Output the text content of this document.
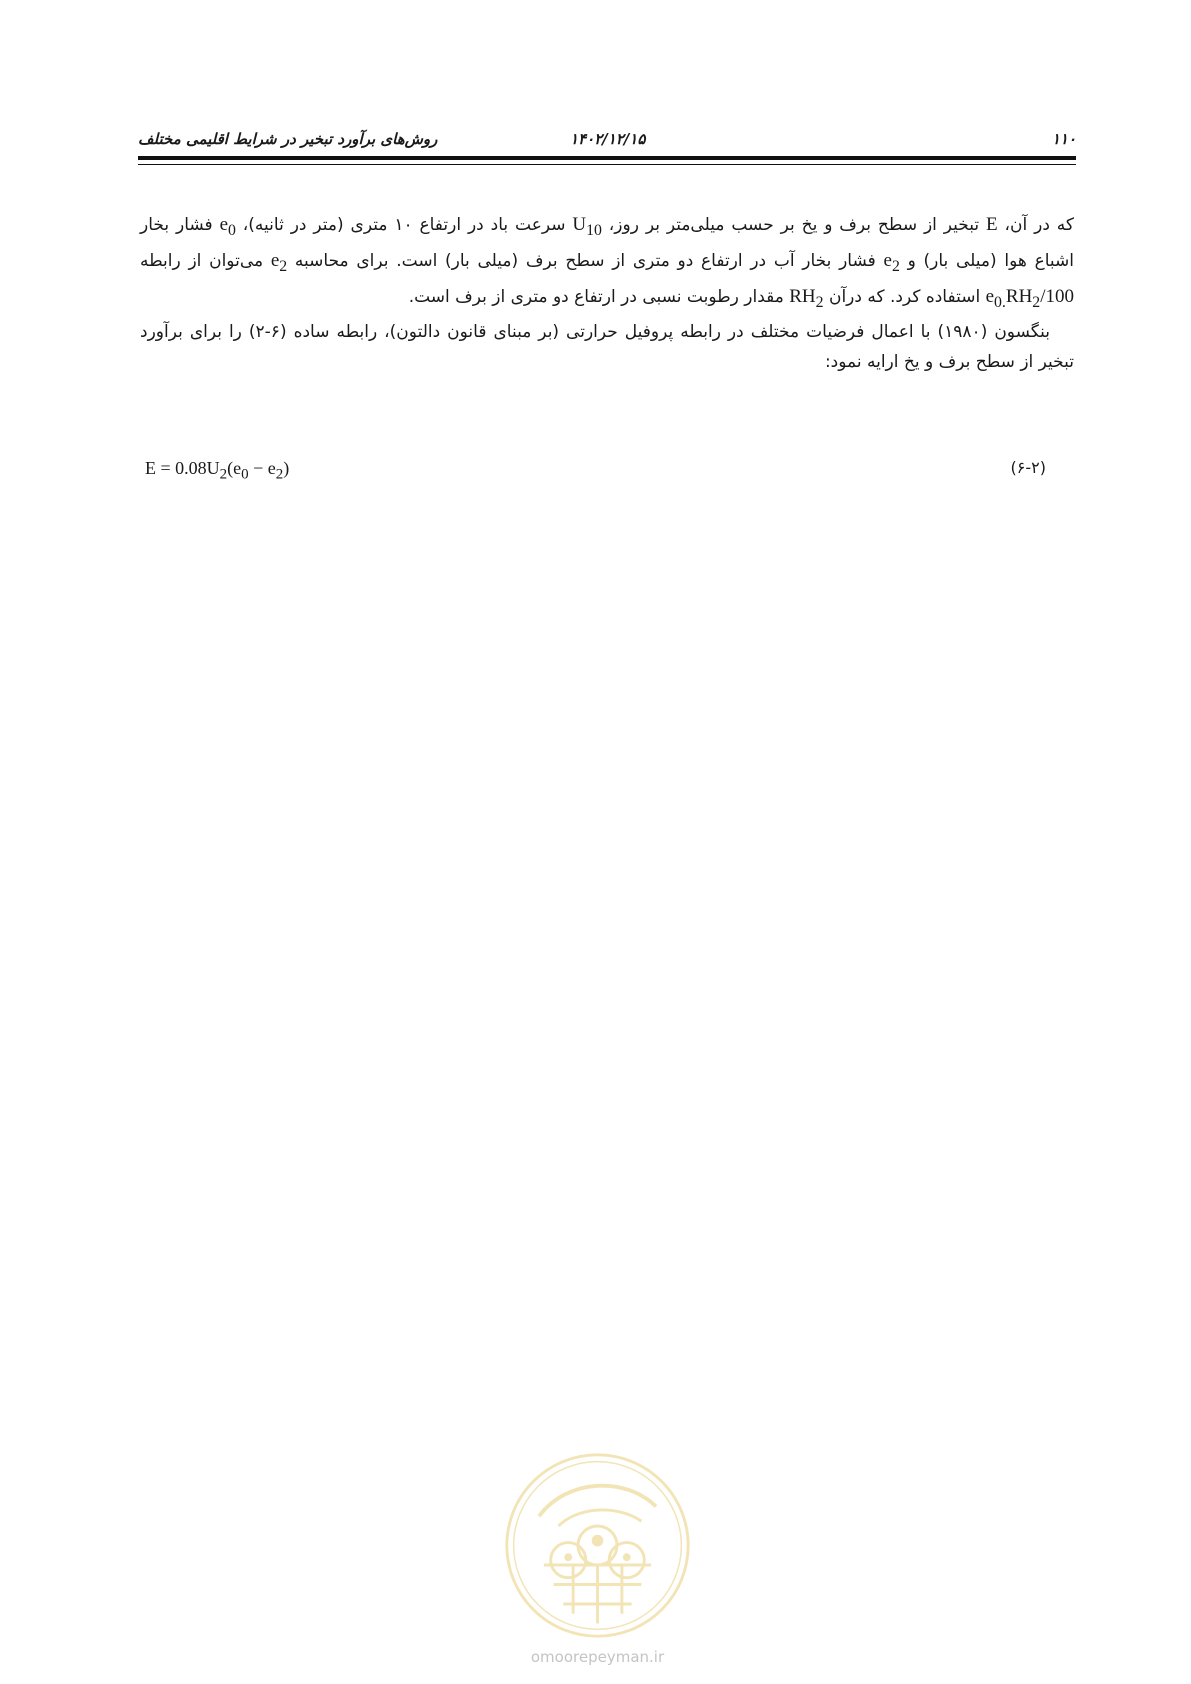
۱۱۰
۱۴۰۲/۱۲/۱۵
روش‌های برآورد تبخیر در شرایط اقلیمی مختلف

که در آن، E تبخیر از سطح برف و یخ بر حسب میلی‌متر بر روز، $U_{10}$ سرعت باد در ارتفاع ۱۰ متری (متر در ثانیه)، $e_0$ فشار بخار اشباع هوا (میلی بار) و $e_2$ فشار بخار آب در ارتفاع دو متری از سطح برف (میلی بار) است. برای محاسبه $e_2$ می‌توان از رابطه $e_{0.}RH_2/100$ استفاده کرد. که درآن $RH_2$ مقدار رطوبت نسبی در ارتفاع دو متری از برف است.

بنگسون (۱۹۸۰) با اعمال فرضیات مختلف در رابطه پروفیل حرارتی (بر مبنای قانون دالتون)، رابطه ساده (۶-۲) را برای برآورد تبخیر از سطح برف و یخ ارایه نمود:

$E = 0.08U_2(e_0 - e_2)$	(۶-۲)
omoorepeyman.ir
